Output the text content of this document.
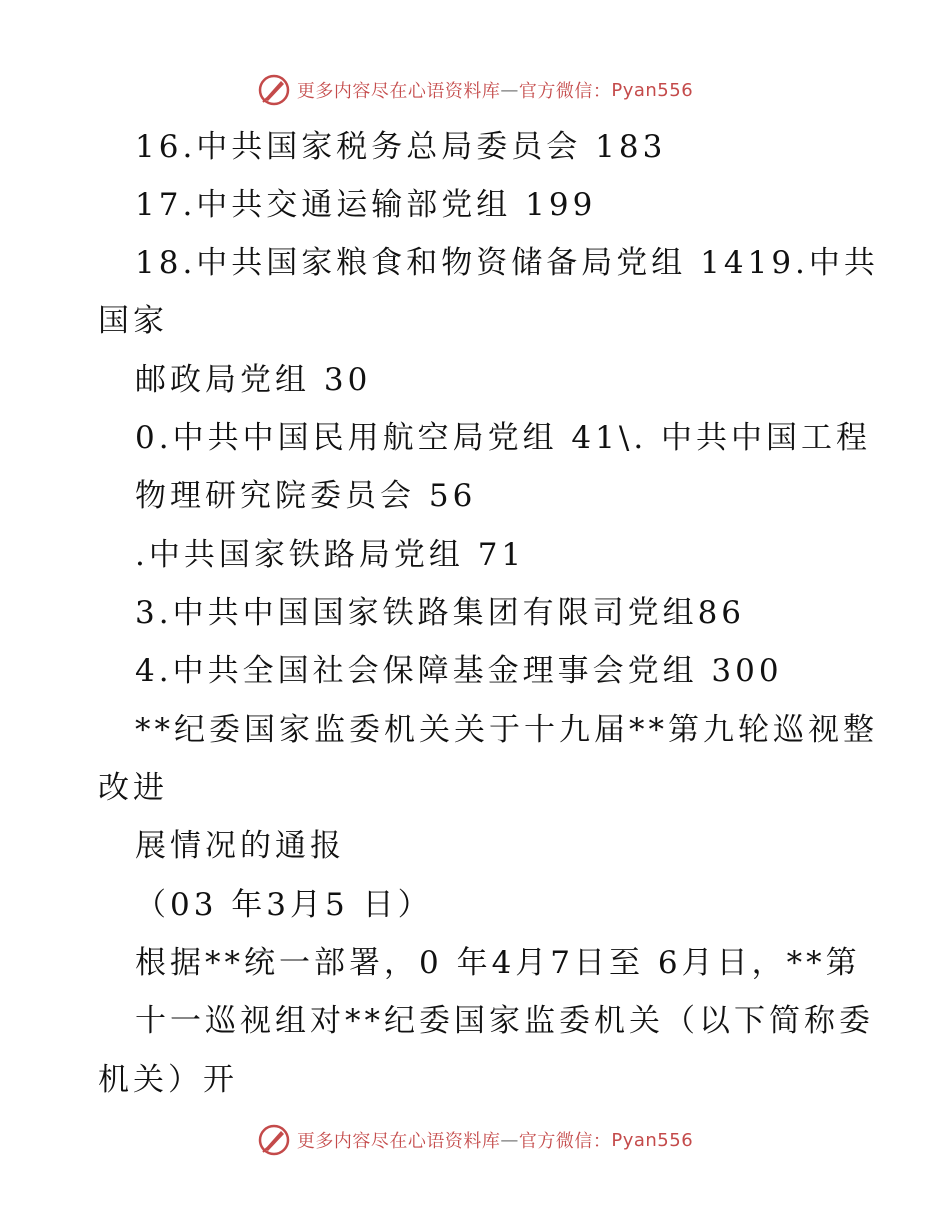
更多内容尽在心语资料库 — 官方微信： Pyan556
16.中共国家税务总局委员会 183
17.中共交通运输部党组 199
18.中共国家粮食和物资储备局党组 1419.中共
国家
邮政局党组 30
0.中共中国民用航空局党组 41\. 中共中国工程
物理研究院委员会 56
.中共国家铁路局党组 71
3.中共中国国家铁路集团有限司党组86
4.中共全国社会保障基金理事会党组 300
**纪委国家监委机关关于十九届**第九轮巡视整
改进
展情况的通报
（03 年3月5 日）
根据**统一部署，0 年4月7日至 6月日，**第
十一巡视组对**纪委国家监委机关（以下简称委
机关）开
更多内容尽在心语资料库 — 官方微信： Pyan556
